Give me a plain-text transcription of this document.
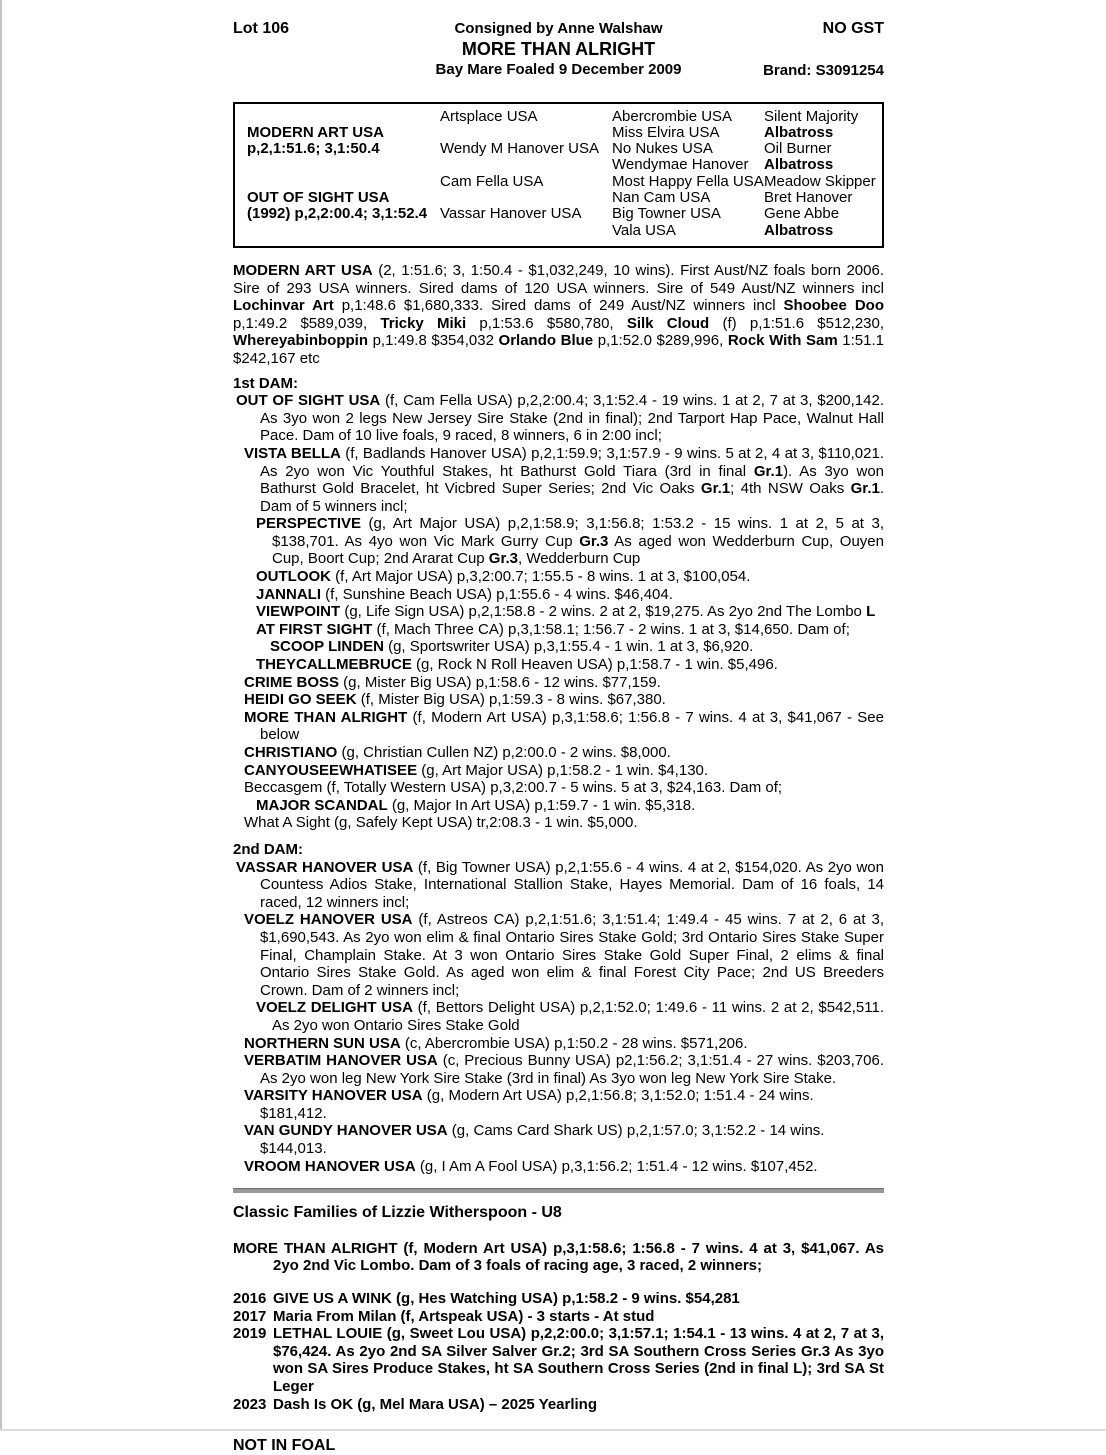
Lot 106	Consigned by Anne Walshaw
MORE THAN ALRIGHT
Bay Mare Foaled 9 December 2009
NO GST
Brand: S3091254
MODERN ART USA
p,2,1:51.6; 3,1:50.4
OUT OF SIGHT USA
(1992) p,2,2:00.4; 3,1:52.4
Artsplace USA
Wendy M Hanover USA
Cam Fella USA
Vassar Hanover USA
Abercrombie USA
Miss Elvira USA
No Nukes USA
Wendymae Hanover
Most Happy Fella USA
Nan Cam USA
Big Towner USA
Vala USA
Silent Majority
Albatross
Oil Burner
Albatross
Meadow Skipper
Bret Hanover
Gene Abbe
Albatross
MODERN ART USA (2, 1:51.6; 3, 1:50.4 - $1,032,249, 10 wins). First Aust/NZ foals born 2006. Sire of 293 USA winners. Sired dams of 120 USA winners. Sire of 549 Aust/NZ winners incl Lochinvar Art p,1:48.6 $1,680,333. Sired dams of 249 Aust/NZ winners incl Shoobee Doo p,1:49.2 $589,039, Tricky Miki p,1:53.6 $580,780, Silk Cloud (f) p,1:51.6 $512,230, Whereyabinboppin p,1:49.8 $354,032 Orlando Blue p,1:52.0 $289,996, Rock With Sam 1:51.1 $242,167 etc
1st DAM:
OUT OF SIGHT USA (f, Cam Fella USA) p,2,2:00.4; 3,1:52.4 - 19 wins. 1 at 2, 7 at 3, $200,142. As 3yo won 2 legs New Jersey Sire Stake (2nd in final); 2nd Tarport Hap Pace, Walnut Hall Pace. Dam of 10 live foals, 9 raced, 8 winners, 6 in 2:00 incl;
VISTA BELLA (f, Badlands Hanover USA) p,2,1:59.9; 3,1:57.9 - 9 wins. 5 at 2, 4 at 3, $110,021. As 2yo won Vic Youthful Stakes, ht Bathurst Gold Tiara (3rd in final Gr.1). As 3yo won Bathurst Gold Bracelet, ht Vicbred Super Series; 2nd Vic Oaks Gr.1; 4th NSW Oaks Gr.1. Dam of 5 winners incl;
PERSPECTIVE (g, Art Major USA) p,2,1:58.9; 3,1:56.8; 1:53.2 - 15 wins. 1 at 2, 5 at 3, $138,701. As 4yo won Vic Mark Gurry Cup Gr.3 As aged won Wedderburn Cup, Ouyen Cup, Boort Cup; 2nd Ararat Cup Gr.3, Wedderburn Cup
OUTLOOK (f, Art Major USA) p,3,2:00.7; 1:55.5 - 8 wins. 1 at 3, $100,054.
JANNALI (f, Sunshine Beach USA) p,1:55.6 - 4 wins. $46,404.
VIEWPOINT (g, Life Sign USA) p,2,1:58.8 - 2 wins. 2 at 2, $19,275. As 2yo 2nd The Lombo L
AT FIRST SIGHT (f, Mach Three CA) p,3,1:58.1; 1:56.7 - 2 wins. 1 at 3, $14,650. Dam of;
SCOOP LINDEN (g, Sportswriter USA) p,3,1:55.4 - 1 win. 1 at 3, $6,920.
THEYCALLMEBRUCE (g, Rock N Roll Heaven USA) p,1:58.7 - 1 win. $5,496.
CRIME BOSS (g, Mister Big USA) p,1:58.6 - 12 wins. $77,159.
HEIDI GO SEEK (f, Mister Big USA) p,1:59.3 - 8 wins. $67,380.
MORE THAN ALRIGHT (f, Modern Art USA) p,3,1:58.6; 1:56.8 - 7 wins. 4 at 3, $41,067 - See below
CHRISTIANO (g, Christian Cullen NZ) p,2:00.0 - 2 wins. $8,000.
CANYOUSEEWHATISEE (g, Art Major USA) p,1:58.2 - 1 win. $4,130.
Beccasgem (f, Totally Western USA) p,3,2:00.7 - 5 wins. 5 at 3, $24,163. Dam of;
MAJOR SCANDAL (g, Major In Art USA) p,1:59.7 - 1 win. $5,318.
What A Sight (g, Safely Kept USA) tr,2:08.3 - 1 win. $5,000.
2nd DAM:
VASSAR HANOVER USA (f, Big Towner USA) p,2,1:55.6 - 4 wins. 4 at 2, $154,020. As 2yo won Countess Adios Stake, International Stallion Stake, Hayes Memorial. Dam of 16 foals, 14 raced, 12 winners incl;
VOELZ HANOVER USA (f, Astreos CA) p,2,1:51.6; 3,1:51.4; 1:49.4 - 45 wins. 7 at 2, 6 at 3, $1,690,543. As 2yo won elim & final Ontario Sires Stake Gold; 3rd Ontario Sires Stake Super Final, Champlain Stake. At 3 won Ontario Sires Stake Gold Super Final, 2 elims & final Ontario Sires Stake Gold. As aged won elim & final Forest City Pace; 2nd US Breeders Crown. Dam of 2 winners incl;
VOELZ DELIGHT USA (f, Bettors Delight USA) p,2,1:52.0; 1:49.6 - 11 wins. 2 at 2, $542,511. As 2yo won Ontario Sires Stake Gold
NORTHERN SUN USA (c, Abercrombie USA) p,1:50.2 - 28 wins. $571,206.
VERBATIM HANOVER USA (c, Precious Bunny USA) p2,1:56.2; 3,1:51.4 - 27 wins. $203,706. As 2yo won leg New York Sire Stake (3rd in final) As 3yo won leg New York Sire Stake.
VARSITY HANOVER USA (g, Modern Art USA) p,2,1:56.8; 3,1:52.0; 1:51.4 - 24 wins. $181,412.
VAN GUNDY HANOVER USA (g, Cams Card Shark US) p,2,1:57.0; 3,1:52.2 - 14 wins. $144,013.
VROOM HANOVER USA (g, I Am A Fool USA) p,3,1:56.2; 1:51.4 - 12 wins. $107,452.
Classic Families of Lizzie Witherspoon - U8
MORE THAN ALRIGHT (f, Modern Art USA) p,3,1:58.6; 1:56.8 - 7 wins. 4 at 3, $41,067. As 2yo 2nd Vic Lombo. Dam of 3 foals of racing age, 3 raced, 2 winners;
2016 GIVE US A WINK (g, Hes Watching USA) p,1:58.2 - 9 wins. $54,281
2017 Maria From Milan (f, Artspeak USA) - 3 starts - At stud
2019 LETHAL LOUIE (g, Sweet Lou USA) p,2,2:00.0; 3,1:57.1; 1:54.1 - 13 wins. 4 at 2, 7 at 3, $76,424. As 2yo 2nd SA Silver Salver Gr.2; 3rd SA Southern Cross Series Gr.3 As 3yo won SA Sires Produce Stakes, ht SA Southern Cross Series (2nd in final L); 3rd SA St Leger
2023 Dash Is OK (g, Mel Mara USA) – 2025 Yearling
NOT IN FOAL
